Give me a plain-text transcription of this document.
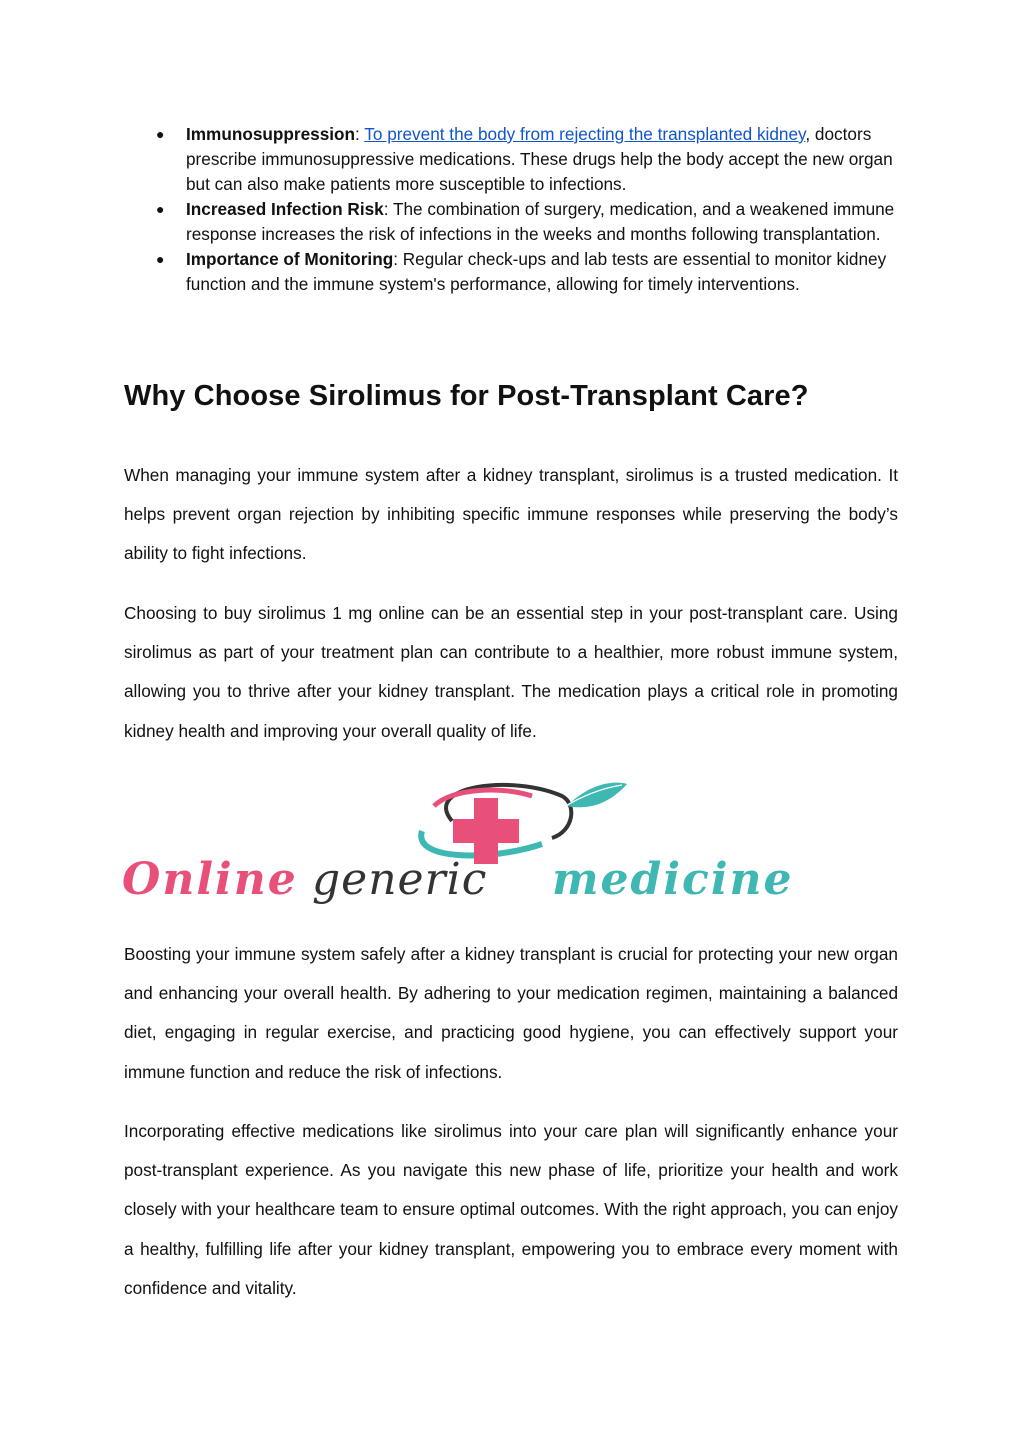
● Immunosuppression: To prevent the body from rejecting the transplanted kidney, doctors prescribe immunosuppressive medications. These drugs help the body accept the new organ but can also make patients more susceptible to infections.
● Increased Infection Risk: The combination of surgery, medication, and a weakened immune response increases the risk of infections in the weeks and months following transplantation.
● Importance of Monitoring: Regular check-ups and lab tests are essential to monitor kidney function and the immune system's performance, allowing for timely interventions.
Why Choose Sirolimus for Post-Transplant Care?

When managing your immune system after a kidney transplant, sirolimus is a trusted medication. It helps prevent organ rejection by inhibiting specific immune responses while preserving the body’s ability to fight infections.

Choosing to buy sirolimus 1 mg online can be an essential step in your post-transplant care. Using sirolimus as part of your treatment plan can contribute to a healthier, more robust immune system, allowing you to thrive after your kidney transplant. The medication plays a critical role in promoting kidney health and improving your overall quality of life.

Online generic medicine

Boosting your immune system safely after a kidney transplant is crucial for protecting your new organ and enhancing your overall health. By adhering to your medication regimen, maintaining a balanced diet, engaging in regular exercise, and practicing good hygiene, you can effectively support your immune function and reduce the risk of infections.

Incorporating effective medications like sirolimus into your care plan will significantly enhance your post-transplant experience. As you navigate this new phase of life, prioritize your health and work closely with your healthcare team to ensure optimal outcomes. With the right approach, you can enjoy a healthy, fulfilling life after your kidney transplant, empowering you to embrace every moment with confidence and vitality.
